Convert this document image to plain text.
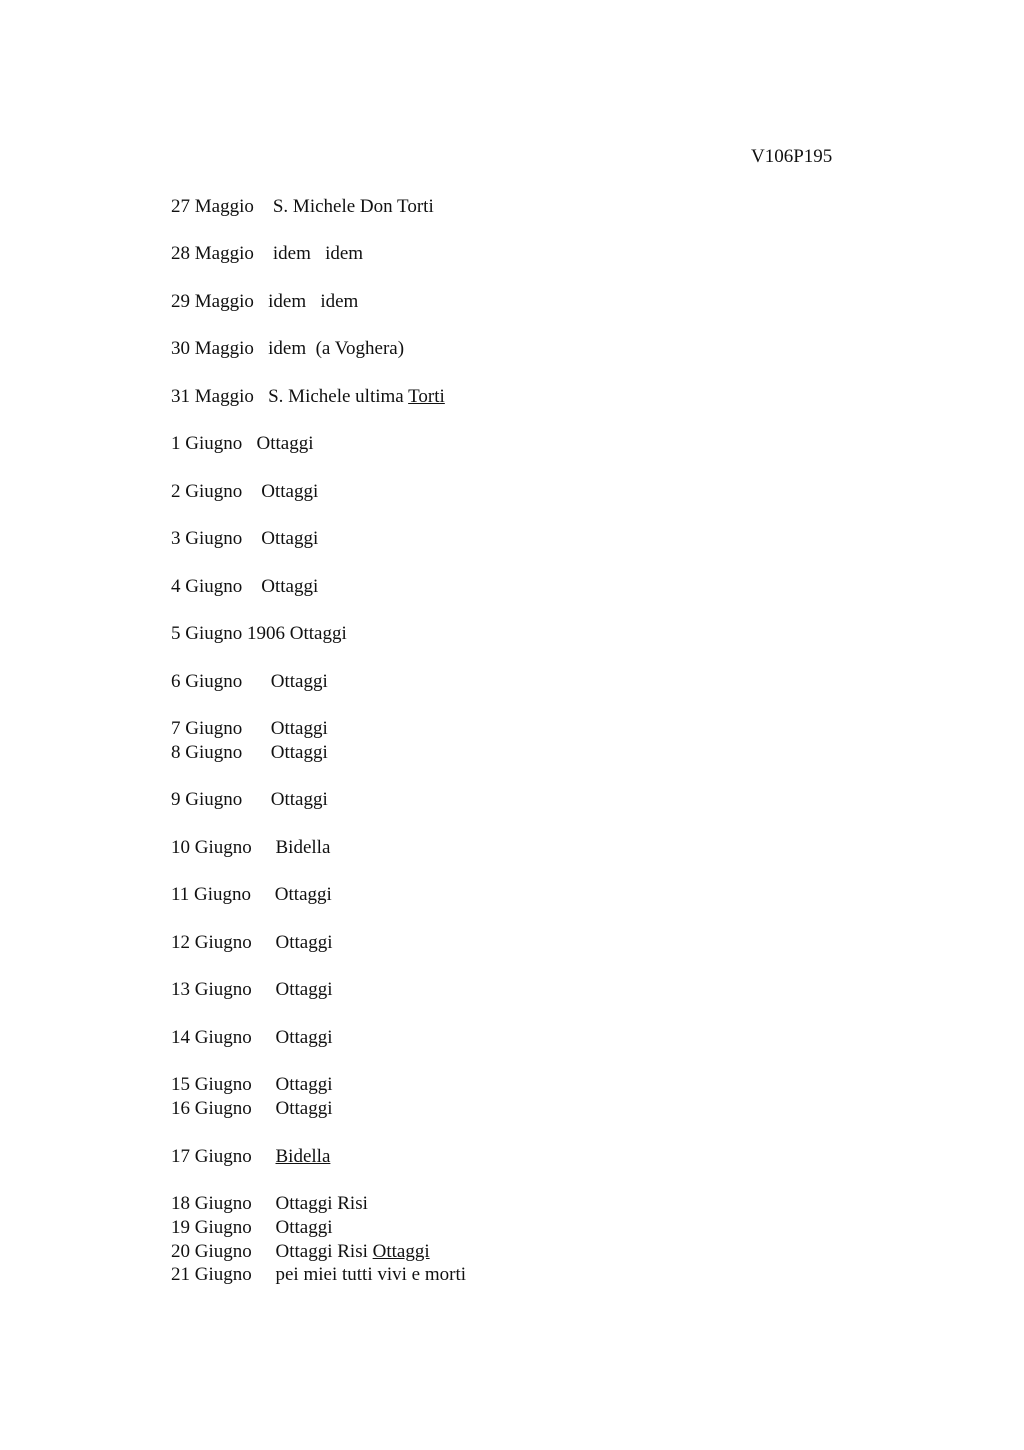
V106P195
27 Maggio S. Michele Don Torti
28 Maggio idem   idem
29 Maggio idem   idem
30 Maggio idem  (a Voghera)
31 Maggio S. Michele ultima Torti
1 Giugno Ottaggi
2 Giugno Ottaggi
3 Giugno Ottaggi
4 Giugno Ottaggi
5 Giugno 1906 Ottaggi
6 Giugno Ottaggi
7 Giugno Ottaggi
8 Giugno Ottaggi
9 Giugno Ottaggi
10 Giugno Bidella
11 Giugno Ottaggi
12 Giugno Ottaggi
13 Giugno Ottaggi
14 Giugno Ottaggi
15 Giugno Ottaggi
16 Giugno Ottaggi
17 Giugno Bidella
18 Giugno Ottaggi Risi
19 Giugno Ottaggi
20 Giugno Ottaggi Risi Ottaggi
21 Giugno pei miei tutti vivi e morti
